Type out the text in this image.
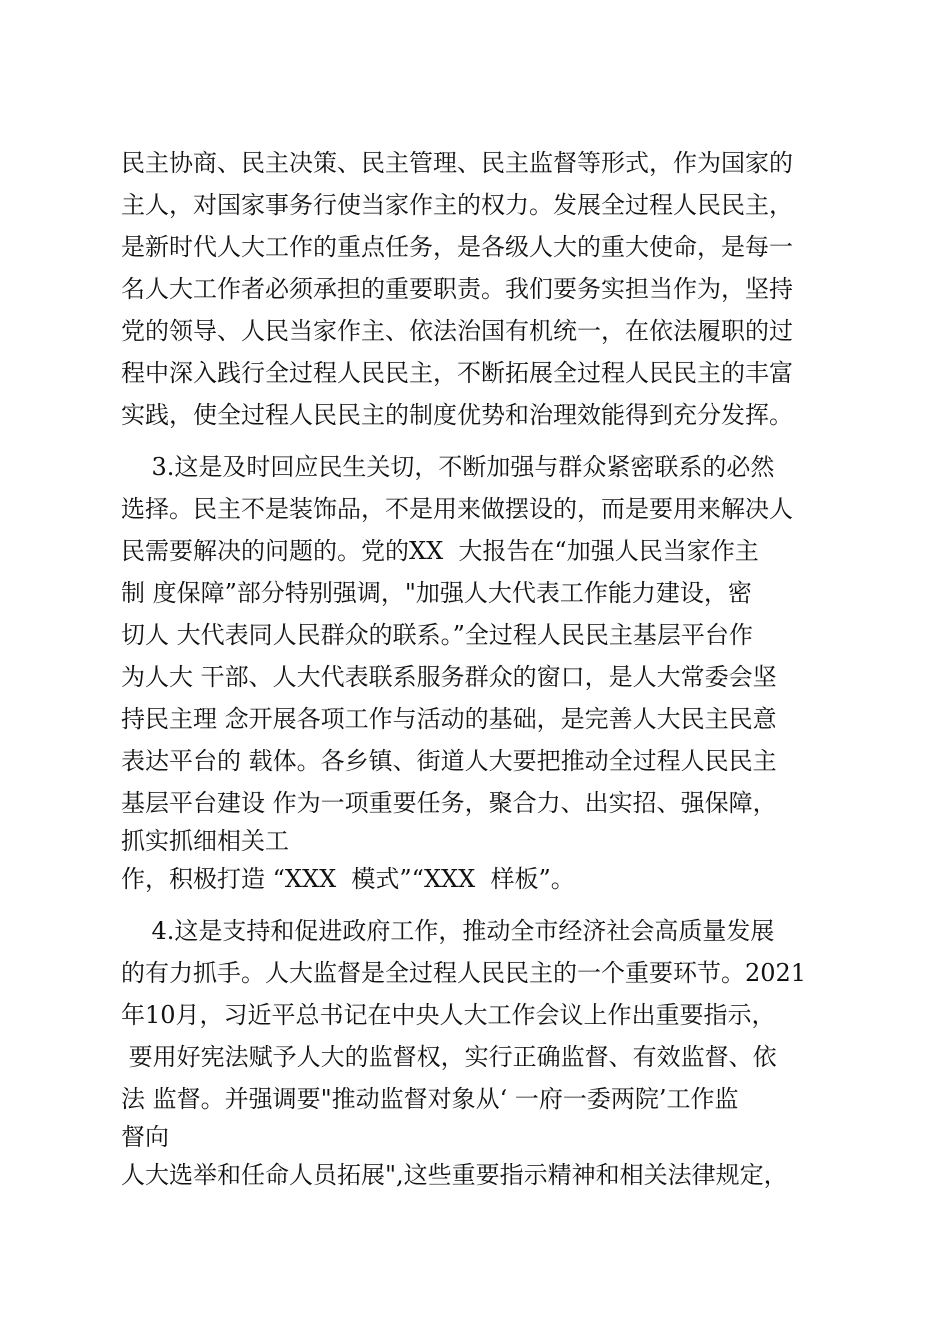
民主协商、民主决策、民主管理、民主监督等形式，作为国家的
主人，对国家事务行使当家作主的权力。发展全过程人民民主，
是新时代人大工作的重点任务，是各级人大的重大使命，是每一
名人大工作者必须承担的重要职责。我们要务实担当作为，坚持
党的领导、人民当家作主、依法治国有机统一，在依法履职的过
程中深入践行全过程人民民主，不断拓展全过程人民民主的丰富
实践，使全过程人民民主的制度优势和治理效能得到充分发挥。
3.这是及时回应民生关切，不断加强与群众紧密联系的必然
选择。民主不是装饰品，不是用来做摆设的，而是要用来解决人
民需要解决的问题的。党的XX  大报告在“加强人民当家作主
制 度保障”部分特别强调，"加强人大代表工作能力建设，密
切人 大代表同人民群众的联系。”全过程人民民主基层平台作
为人大 干部、人大代表联系服务群众的窗口，是人大常委会坚
持民主理 念开展各项工作与活动的基础，是完善人大民主民意
表达平台的 载体。各乡镇、街道人大要把推动全过程人民民主
基层平台建设 作为一项重要任务，聚合力、出实招、强保障，
抓实抓细相关工
作，积极打造 “XXX  模式”“XXX  样板”。
4.这是支持和促进政府工作，推动全市经济社会高质量发展
的有力抓手。人大监督是全过程人民民主的一个重要环节。2021
年10月，习近平总书记在中央人大工作会议上作出重要指示，
要用好宪法赋予人大的监督权，实行正确监督、有效监督、依
法 监督。并强调要"推动监督对象从‘ 一府一委两院’工作监
督向
人大选举和任命人员拓展",这些重要指示精神和相关法律规定，
